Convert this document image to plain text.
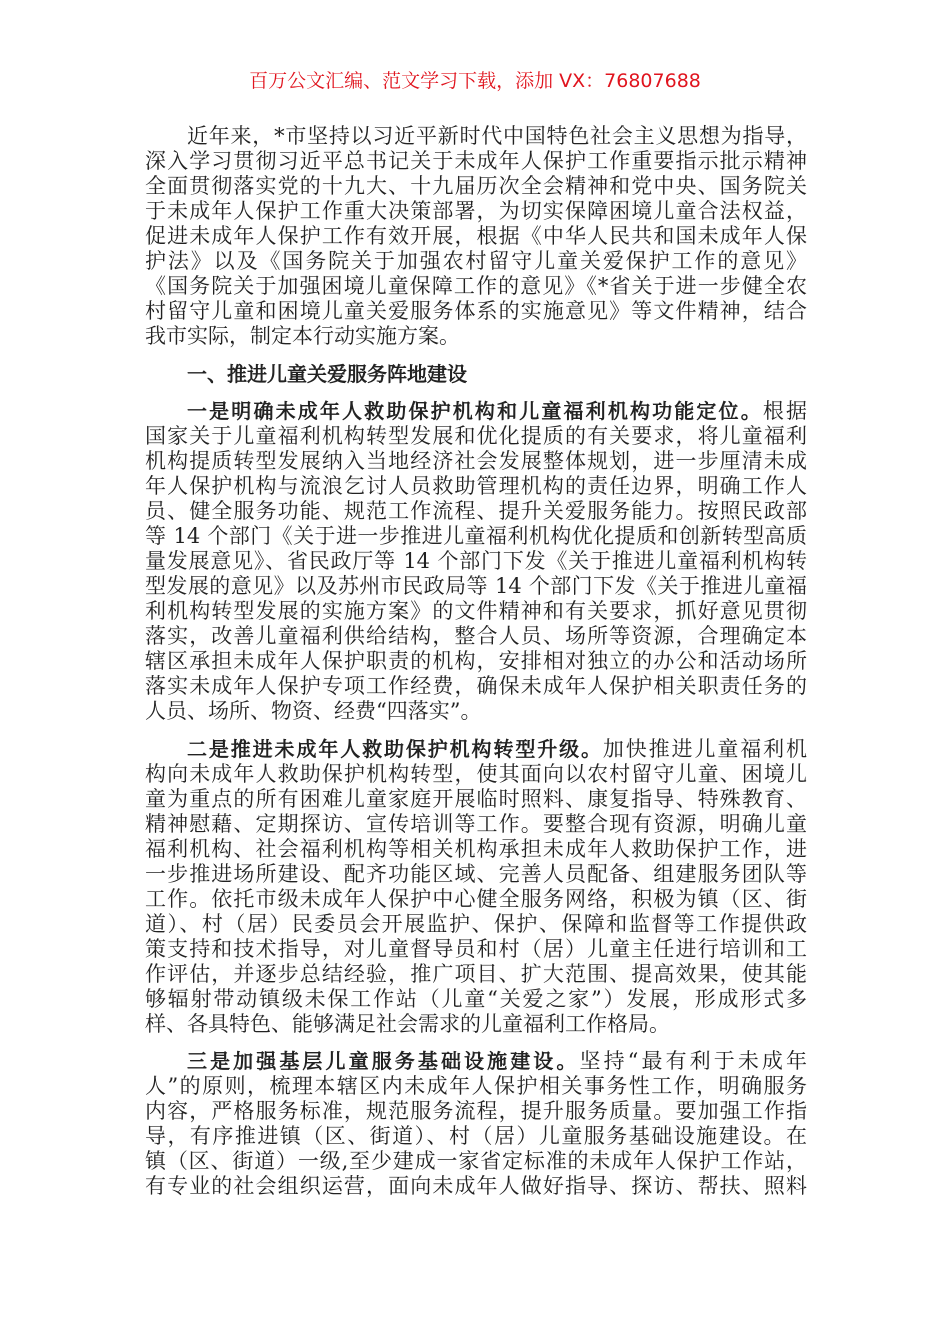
百万公文汇编、范文学习下载，添加 VX：76807688
近年来，*市坚持以习近平新时代中国特色社会主义思想为指导，
深入学习贯彻习近平总书记关于未成年人保护工作重要指示批示精神
全面贯彻落实党的十九大、十九届历次全会精神和党中央、国务院关
于未成年人保护工作重大决策部署，为切实保障困境儿童合法权益，
促进未成年人保护工作有效开展，根据《中华人民共和国未成年人保
护法》以及《国务院关于加强农村留守儿童关爱保护工作的意见》
《国务院关于加强困境儿童保障工作的意见》《*省关于进一步健全农
村留守儿童和困境儿童关爱服务体系的实施意见》等文件精神，结合
我市实际，制定本行动实施方案。
一、推进儿童关爱服务阵地建设
一是明确未成年人救助保护机构和儿童福利机构功能定位。根据
国家关于儿童福利机构转型发展和优化提质的有关要求，将儿童福利
机构提质转型发展纳入当地经济社会发展整体规划，进一步厘清未成
年人保护机构与流浪乞讨人员救助管理机构的责任边界，明确工作人
员、健全服务功能、规范工作流程、提升关爱服务能力。按照民政部
等 14 个部门《关于进一步推进儿童福利机构优化提质和创新转型高质
量发展意见》、省民政厅等 14 个部门下发《关于推进儿童福利机构转
型发展的意见》以及苏州市民政局等 14 个部门下发《关于推进儿童福
利机构转型发展的实施方案》的文件精神和有关要求，抓好意见贯彻
落实，改善儿童福利供给结构，整合人员、场所等资源，合理确定本
辖区承担未成年人保护职责的机构，安排相对独立的办公和活动场所
落实未成年人保护专项工作经费，确保未成年人保护相关职责任务的
人员、场所、物资、经费“四落实”。
二是推进未成年人救助保护机构转型升级。加快推进儿童福利机
构向未成年人救助保护机构转型，使其面向以农村留守儿童、困境儿
童为重点的所有困难儿童家庭开展临时照料、康复指导、特殊教育、
精神慰藉、定期探访、宣传培训等工作。要整合现有资源，明确儿童
福利机构、社会福利机构等相关机构承担未成年人救助保护工作，进
一步推进场所建设、配齐功能区域、完善人员配备、组建服务团队等
工作。依托市级未成年人保护中心健全服务网络，积极为镇（区、街
道）、村（居）民委员会开展监护、保护、保障和监督等工作提供政
策支持和技术指导，对儿童督导员和村（居）儿童主任进行培训和工
作评估，并逐步总结经验，推广项目、扩大范围、提高效果，使其能
够辐射带动镇级未保工作站（儿童“关爱之家”）发展，形成形式多
样、各具特色、能够满足社会需求的儿童福利工作格局。
三是加强基层儿童服务基础设施建设。坚持“最有利于未成年
人”的原则，梳理本辖区内未成年人保护相关事务性工作，明确服务
内容，严格服务标准，规范服务流程，提升服务质量。要加强工作指
导，有序推进镇（区、街道）、村（居）儿童服务基础设施建设。在
镇（区、街道）一级,至少建成一家省定标准的未成年人保护工作站，
有专业的社会组织运营，面向未成年人做好指导、探访、帮扶、照料
